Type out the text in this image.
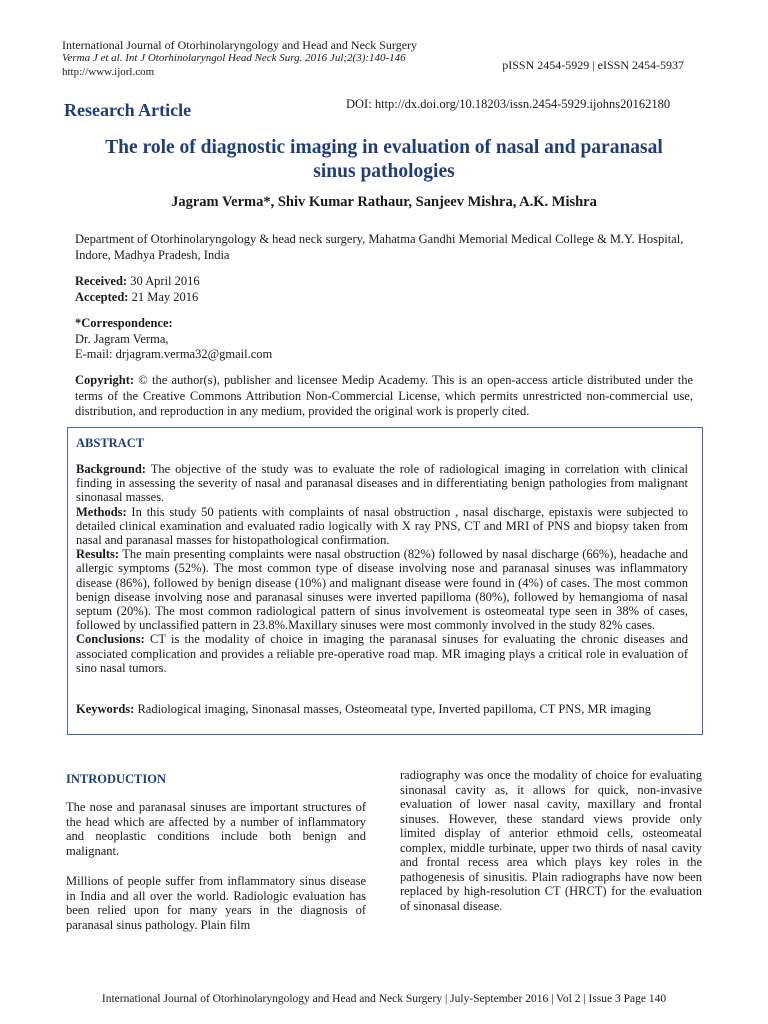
International Journal of Otorhinolaryngology and Head and Neck Surgery
Verma J et al. Int J Otorhinolaryngol Head Neck Surg. 2016 Jul;2(3):140-146
http://www.ijorl.com	pISSN 2454-5929 | eISSN 2454-5937
Research Article	DOI: http://dx.doi.org/10.18203/issn.2454-5929.ijohns20162180
The role of diagnostic imaging in evaluation of nasal and paranasal sinus pathologies
Jagram Verma*, Shiv Kumar Rathaur, Sanjeev Mishra, A.K. Mishra
Department of Otorhinolaryngology & head neck surgery, Mahatma Gandhi Memorial Medical College & M.Y. Hospital, Indore, Madhya Pradesh, India
Received: 30 April 2016
Accepted: 21 May 2016
*Correspondence:
Dr. Jagram Verma,
E-mail: drjagram.verma32@gmail.com
Copyright: © the author(s), publisher and licensee Medip Academy. This is an open-access article distributed under the terms of the Creative Commons Attribution Non-Commercial License, which permits unrestricted non-commercial use, distribution, and reproduction in any medium, provided the original work is properly cited.
ABSTRACT

Background: The objective of the study was to evaluate the role of radiological imaging in correlation with clinical finding in assessing the severity of nasal and paranasal diseases and in differentiating benign pathologies from malignant sinonasal masses.

Methods: In this study 50 patients with complaints of nasal obstruction , nasal discharge, epistaxis were subjected to detailed clinical examination and evaluated radio logically with X ray PNS, CT and MRI of PNS and biopsy taken from nasal and paranasal masses for histopathological confirmation.

Results: The main presenting complaints were nasal obstruction (82%) followed by nasal discharge (66%), headache and allergic symptoms (52%). The most common type of disease involving nose and paranasal sinuses was inflammatory disease (86%), followed by benign disease (10%) and malignant disease were found in (4%) of cases. The most common benign disease involving nose and paranasal sinuses were inverted papilloma (80%), followed by hemangioma of nasal septum (20%). The most common radiological pattern of sinus involvement is osteomeatal type seen in 38% of cases, followed by unclassified pattern in 23.8%.Maxillary sinuses were most commonly involved in the study 82% cases.

Conclusions: CT is the modality of choice in imaging the paranasal sinuses for evaluating the chronic diseases and associated complication and provides a reliable pre-operative road map. MR imaging plays a critical role in evaluation of sino nasal tumors.

Keywords: Radiological imaging, Sinonasal masses, Osteomeatal type, Inverted papilloma, CT PNS, MR imaging
INTRODUCTION

The nose and paranasal sinuses are important structures of the head which are affected by a number of inflammatory and neoplastic conditions include both benign and malignant.

Millions of people suffer from inflammatory sinus disease in India and all over the world. Radiologic evaluation has been relied upon for many years in the diagnosis of paranasal sinus pathology. Plain film

radiography was once the modality of choice for evaluating sinonasal cavity as, it allows for quick, non-invasive evaluation of lower nasal cavity, maxillary and frontal sinuses. However, these standard views provide only limited display of anterior ethmoid cells, osteomeatal complex, middle turbinate, upper two thirds of nasal cavity and frontal recess area which plays key roles in the pathogenesis of sinusitis. Plain radiographs have now been replaced by high-resolution CT (HRCT) for the evaluation of sinonasal disease.

International Journal of Otorhinolaryngology and Head and Neck Surgery | July-September 2016 | Vol 2 | Issue 3 Page 140
